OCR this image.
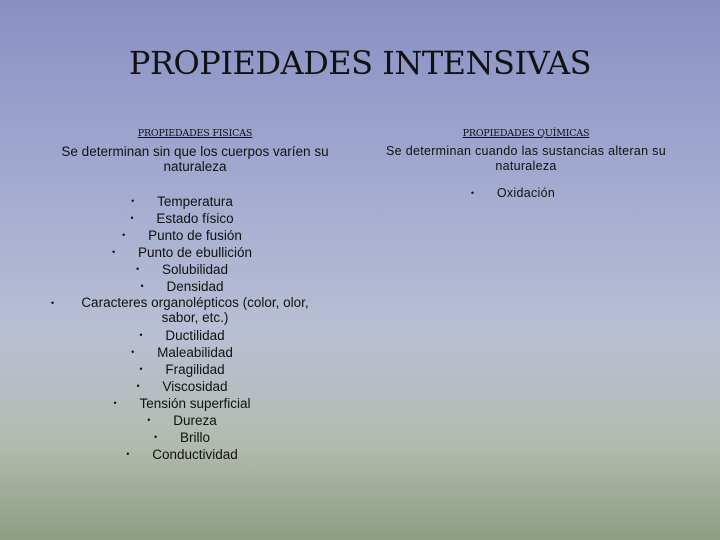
PROPIEDADES INTENSIVAS
PROPIEDADES FISICAS
Se determinan sin que los cuerpos varíen su naturaleza
• Temperatura
• Estado físico
• Punto de fusión
• Punto de ebullición
• Solubilidad
• Densidad
• Caracteres organolépticos (color, olor, sabor, etc.)
• Ductilidad
• Maleabilidad
• Fragilidad
• Viscosidad
• Tensión superficial
• Dureza
• Brillo
• Conductividad
PROPIEDADES QUÍMICAS
Se determinan cuando las sustancias alteran su naturaleza
• Oxidación
